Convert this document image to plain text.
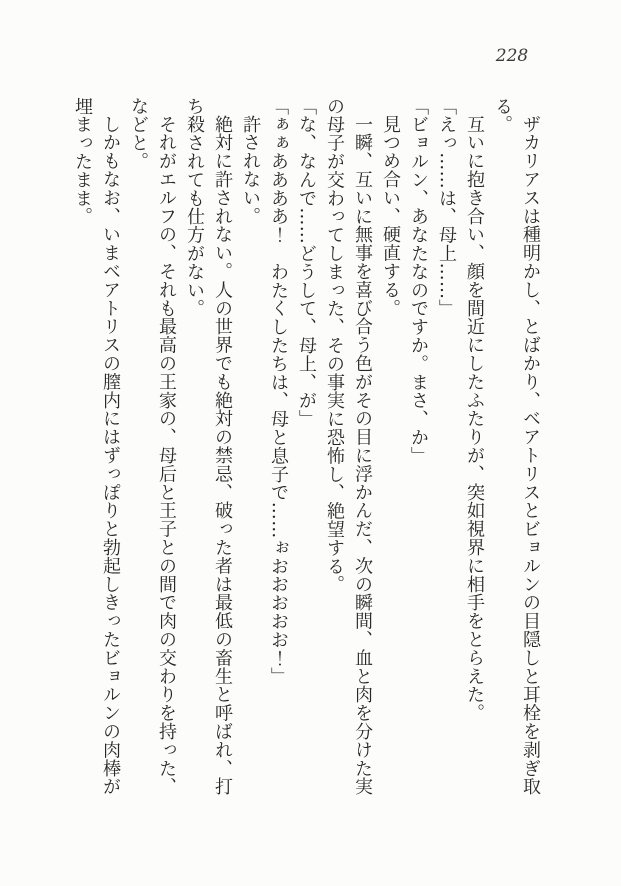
228

ザカリアスは種明かし、とばかり、ベアトリスとビョルンの目隠しと耳栓を剥ぎ取る。

互いに抱き合い、顔を間近にしたふたりが、突如視界に相手をとらえた。

「えっ……は、母上……」

「ビョルン、あなたなのですか。まさ、か」

見つめ合い、硬直する。

一瞬、互いに無事を喜び合う色がその目に浮かんだ、次の瞬間、血と肉を分けた実の母子が交わってしまった、その事実に恐怖し、絶望する。

「な、なんで……どうして、母上、が」

「ぁぁああああ！　わたくしたちは、母と息子で……ぉおおおおお！」

許されない。

絶対に許されない。人の世界でも絶対の禁忌、破った者は最低の畜生と呼ばれ、打ち殺されても仕方がない。

それがエルフの、それも最高の王家の、母后と王子との間で肉の交わりを持った、などと。

しかもなお、いまベアトリスの膣内にはずっぽりと勃起しきったビョルンの肉棒が埋まったまま。
